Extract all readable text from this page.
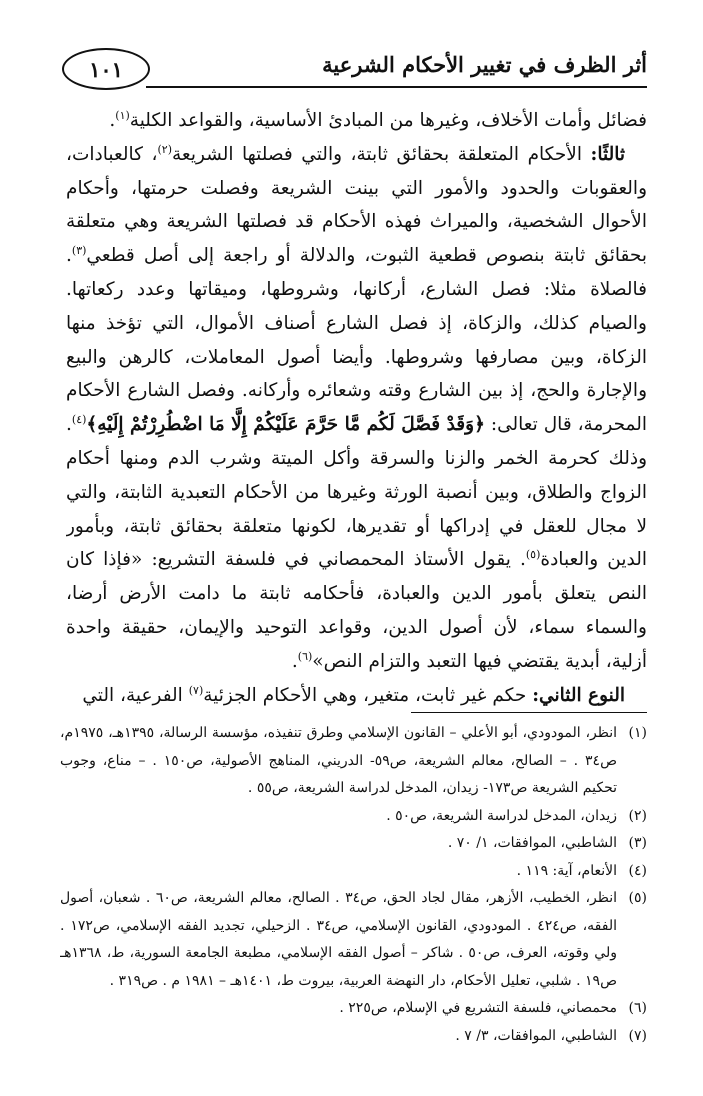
أثر الظرف في تغيير الأحكام الشرعية
١٠١

فضائل وأمات الأخلاف، وغيرها من المبادئ الأساسية، والقواعد الكلية$^{(١)}$.

ثالثًا: الأحكام المتعلقة بحقائق ثابتة، والتي فصلتها الشريعة$^{(٢)}$، كالعبادات، والعقوبات والحدود والأمور التي بينت الشريعة وفصلت حرمتها، وأحكام الأحوال الشخصية، والميراث فهذه الأحكام قد فصلتها الشريعة وهي متعلقة بحقائق ثابتة بنصوص قطعية الثبوت، والدلالة أو راجعة إلى أصل قطعي$^{(٣)}$. فالصلاة مثلا: فصل الشارع، أركانها، وشروطها، وميقاتها وعدد ركعاتها. والصيام كذلك، والزكاة، إذ فصل الشارع أصناف الأموال، التي تؤخذ منها الزكاة، وبين مصارفها وشروطها. وأيضا أصول المعاملات، كالرهن والبيع والإجارة والحج، إذ بين الشارع وقته وشعائره وأركانه. وفصل الشارع الأحكام المحرمة، قال تعالى: ﴿وَقَدْ فَصَّلَ لَكُم مَّا حَرَّمَ عَلَيْكُمْ إِلَّا مَا اضْطُرِرْتُمْ إِلَيْهِ﴾$^{(٤)}$. وذلك كحرمة الخمر والزنا والسرقة وأكل الميتة وشرب الدم ومنها أحكام الزواج والطلاق، وبين أنصبة الورثة وغيرها من الأحكام التعبدية الثابتة، والتي لا مجال للعقل في إدراكها أو تقديرها، لكونها متعلقة بحقائق ثابتة، وبأمور الدين والعبادة$^{(٥)}$. يقول الأستاذ المحمصاني في فلسفة التشريع: «فإذا كان النص يتعلق بأمور الدين والعبادة، فأحكامه ثابتة ما دامت الأرض أرضا، والسماء سماء، لأن أصول الدين، وقواعد التوحيد والإيمان، حقيقة واحدة أزلية، أبدية يقتضي فيها التعبد والتزام النص»$^{(٦)}$.

النوع الثاني: حكم غير ثابت، متغير، وهي الأحكام الجزئية$^{(٧)}$ الفرعية، التي

(١)
انظر، المودودي، أبو الأعلي – القانون الإسلامي وطرق تنفيذه، مؤسسة الرسالة، ١٣٩٥هـ، ١٩٧٥م، ص٣٤ . – الصالح، معالم الشريعة، ص٥٩- الدريني، المناهج الأصولية، ص١٥٠ . – مناع، وجوب تحكيم الشريعة ص١٧٣- زيدان، المدخل لدراسة الشريعة، ص٥٥ .
(٢)
زيدان، المدخل لدراسة الشريعة، ص٥٠ .
(٣)
الشاطبي، الموافقات، ١/ ٧٠ .
(٤)
الأنعام، آية: ١١٩ .
(٥)
انظر، الخطيب، الأزهر، مقال لجاد الحق، ص٣٤ . الصالح، معالم الشريعة، ص٦٠ . شعبان، أصول الفقه، ص٤٢٤ . المودودي، القانون الإسلامي، ص٣٤ . الزحيلي، تجديد الفقه الإسلامي، ص١٧٢ . ولي وقوته، العرف، ص٥٠ . شاكر – أصول الفقه الإسلامي، مطبعة الجامعة السورية، ط، ١٣٦٨هـ ص١٩ . شلبي، تعليل الأحكام، دار النهضة العربية، بيروت ط، ١٤٠١هـ – ١٩٨١ م . ص٣١٩ .
(٦)
محمصاني، فلسفة التشريع في الإسلام، ص٢٢٥ .
(٧)
الشاطبي، الموافقات، ٣/ ٧ .
